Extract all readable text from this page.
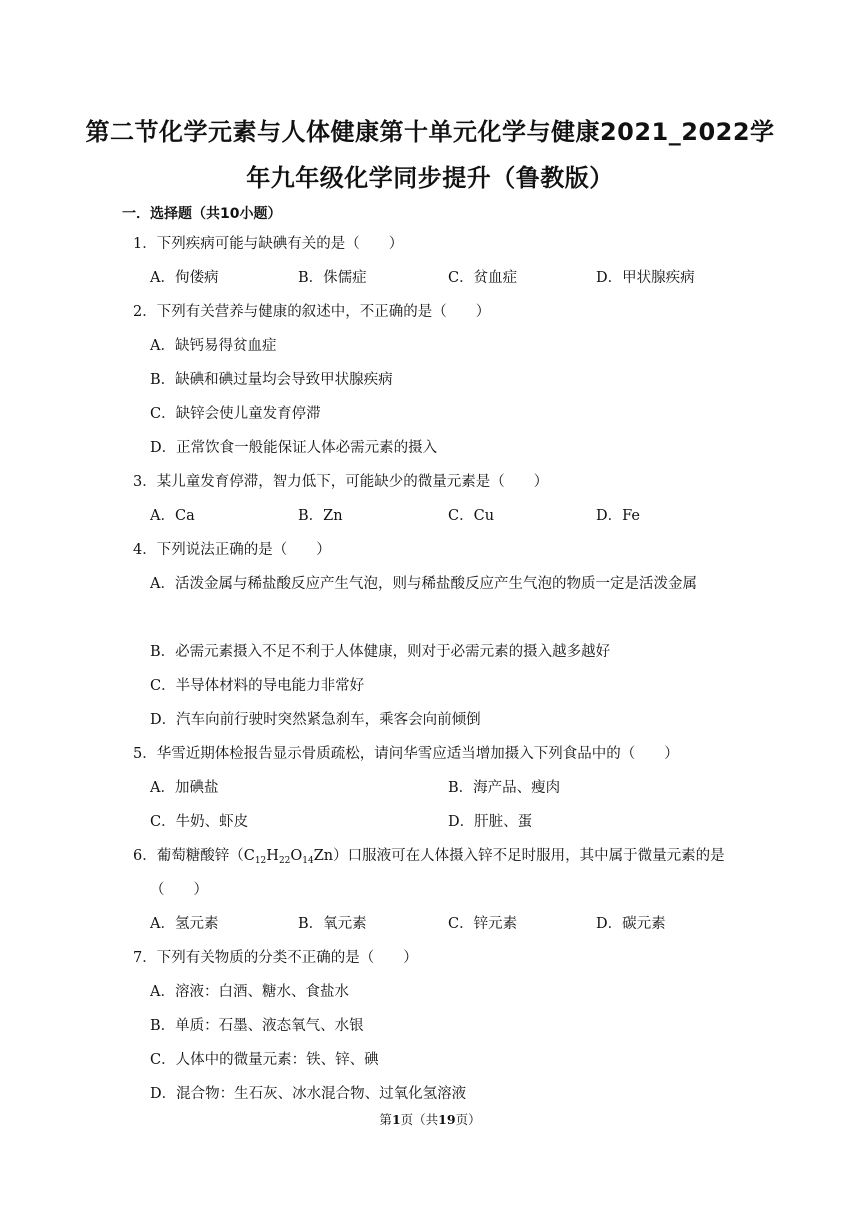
第二节化学元素与人体健康第十单元化学与健康2021_2022学
年九年级化学同步提升（鲁教版）
一．选择题（共10小题）
1．下列疾病可能与缺碘有关的是（　　）
A．佝偻病	B．侏儒症	C．贫血症	D．甲状腺疾病
2．下列有关营养与健康的叙述中，不正确的是（　　）
A．缺钙易得贫血症
B．缺碘和碘过量均会导致甲状腺疾病
C．缺锌会使儿童发育停滞
D．正常饮食一般能保证人体必需元素的摄入
3．某儿童发育停滞，智力低下，可能缺少的微量元素是（　　）
A．Ca	B．Zn	C．Cu	D．Fe
4．下列说法正确的是（　　）
A．活泼金属与稀盐酸反应产生气泡，则与稀盐酸反应产生气泡的物质一定是活泼金属
B．必需元素摄入不足不利于人体健康，则对于必需元素的摄入越多越好
C．半导体材料的导电能力非常好
D．汽车向前行驶时突然紧急刹车，乘客会向前倾倒
5．华雪近期体检报告显示骨质疏松，请问华雪应适当增加摄入下列食品中的（　　）
A．加碘盐	B．海产品、瘦肉
C．牛奶、虾皮	D．肝脏、蛋
6．葡萄糖酸锌$(C_{12}H_{22}O_{14}Zn)$口服液可在人体摄入锌不足时服用，其中属于微量元素的是
（　　）
A．氢元素	B．氧元素	C．锌元素	D．碳元素
7．下列有关物质的分类不正确的是（　　）
A．溶液：白酒、糖水、食盐水
B．单质：石墨、液态氧气、水银
C．人体中的微量元素：铁、锌、碘
D．混合物：生石灰、冰水混合物、过氧化氢溶液
第1页（共19页）
